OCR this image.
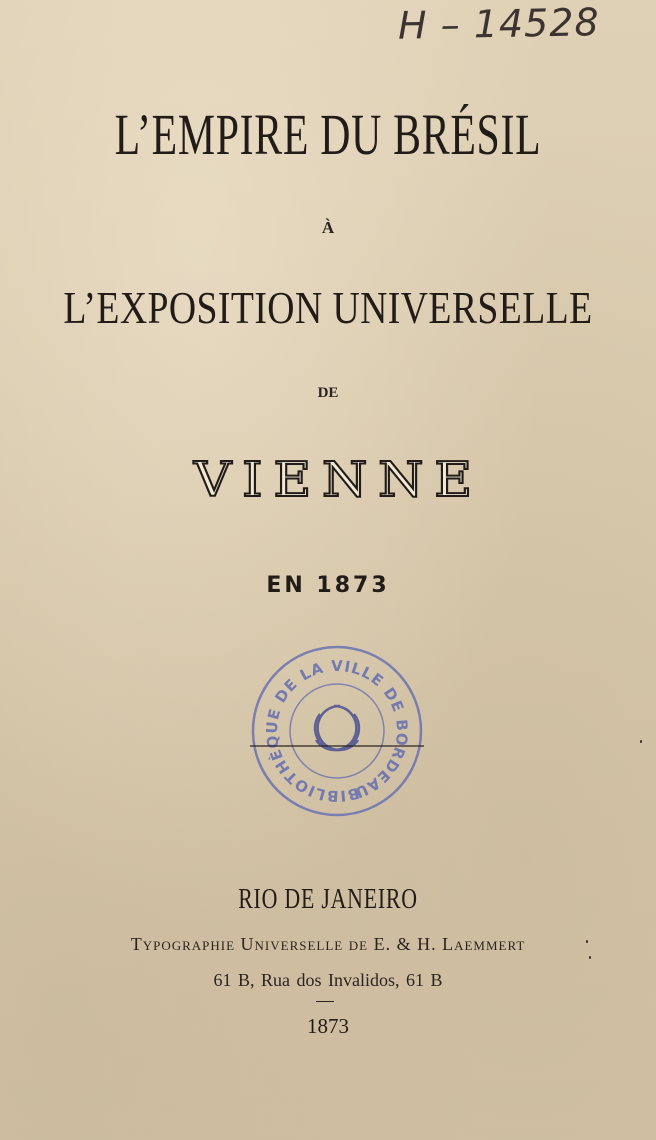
H – 14528
L’EMPIRE DU BRÉSIL
À
L’EXPOSITION UNIVERSELLE
DE
VIENNE
EN 1873
BIBLIOTHÈQUE DE LA VILLE DE BORDEAUX
RIO DE JANEIRO
Typographie Universelle de E. & H. Laemmert
61 B, Rua dos Invalidos, 61 B
1873
